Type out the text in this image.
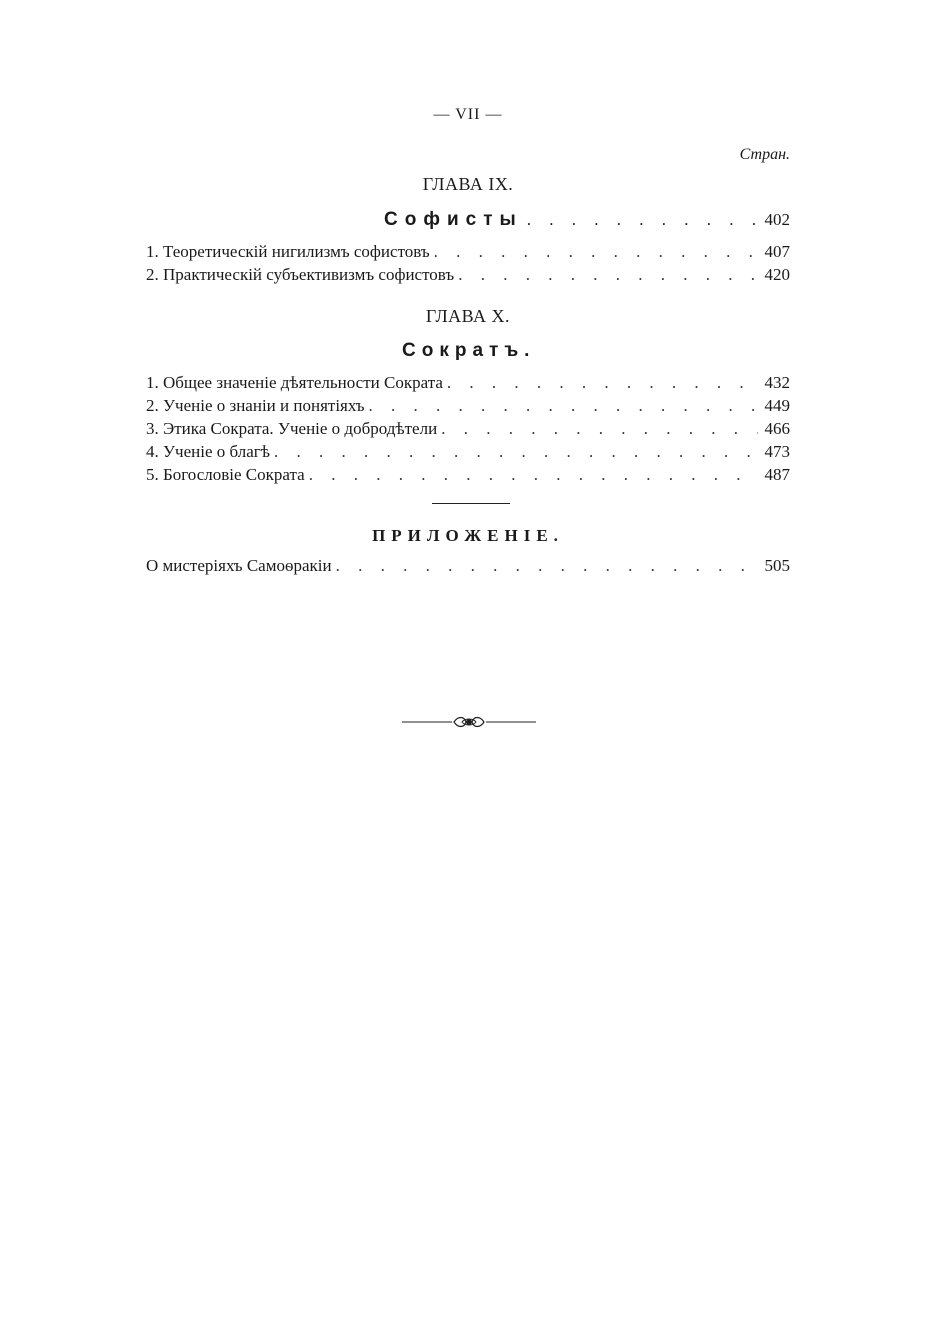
— VII —
Стран.
ГЛАВА IX.
Софисты . . .	402
1. Теоретическій нигилизмъ софистовъ . . .	407
2. Практическій субъективизмъ софистовъ . . .	420
ГЛАВА X.
Сократъ.
1. Общее значеніе дѣятельности Сократа . . .	432
2. Ученіе о знаніи и понятіяхъ . . .	449
3. Этика Сократа. Ученіе о добродѣтели . . .	466
4. Ученіе о благѣ . . .	473
5. Богословіе Сократа . . .	487
ПРИЛОЖЕНІЕ.
О мистеріяхъ Самоѳракіи . . .	505
